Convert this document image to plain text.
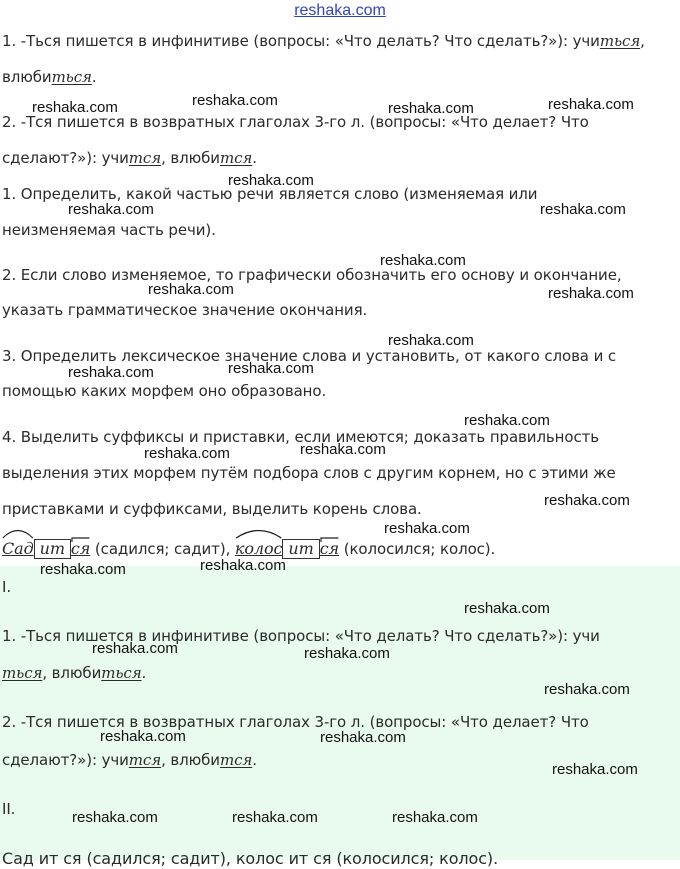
reshaka.com
1. -Ться пишется в инфинитиве (вопросы: «Что делать? Что сделать?»): учиться,
влюбиться.
2. -Тся пишется в возвратных глаголах 3-го л. (вопросы: «Что делает? Что
сделают?»): учится, влюбится.
1. Определить, какой частью речи является слово (изменяемая или
неизменяемая часть речи).
2. Если слово изменяемое, то графически обозначить его основу и окончание,
указать грамматическое значение окончания.
3. Определить лексическое значение слова и установить, от какого слова и с
помощью каких морфем оно образовано.
4. Выделить суффиксы и приставки, если имеются; доказать правильность
выделения этих морфем путём подбора слов с другим корнем, но с этими же
приставками и суффиксами, выделить корень слова.
Сад ит ся (садился; садит),
колос ит ся (колосился; колос).
I.
1. -Ться пишется в инфинитиве (вопросы: «Что делать? Что сделать?»): учи
ться, влюбиться.
2. -Тся пишется в возвратных глаголах 3-го л. (вопросы: «Что делает? Что
сделают?»): учится, влюбится.
II.
Сад ит ся (садился; садит), колос ит ся (колосился; колос).
reshaka.com	reshaka.com	reshaka.com	reshaka.com
reshaka.com
reshaka.com	reshaka.com
reshaka.com
reshaka.com	reshaka.com
reshaka.com
reshaka.com
reshaka.com
reshaka.com
reshaka.com
reshaka.com
reshaka.com
reshaka.com
reshaka.com
reshaka.com
reshaka.com
reshaka.com	reshaka.com
reshaka.com
reshaka.com	reshaka.com
reshaka.com
reshaka.com	reshaka.com	reshaka.com
